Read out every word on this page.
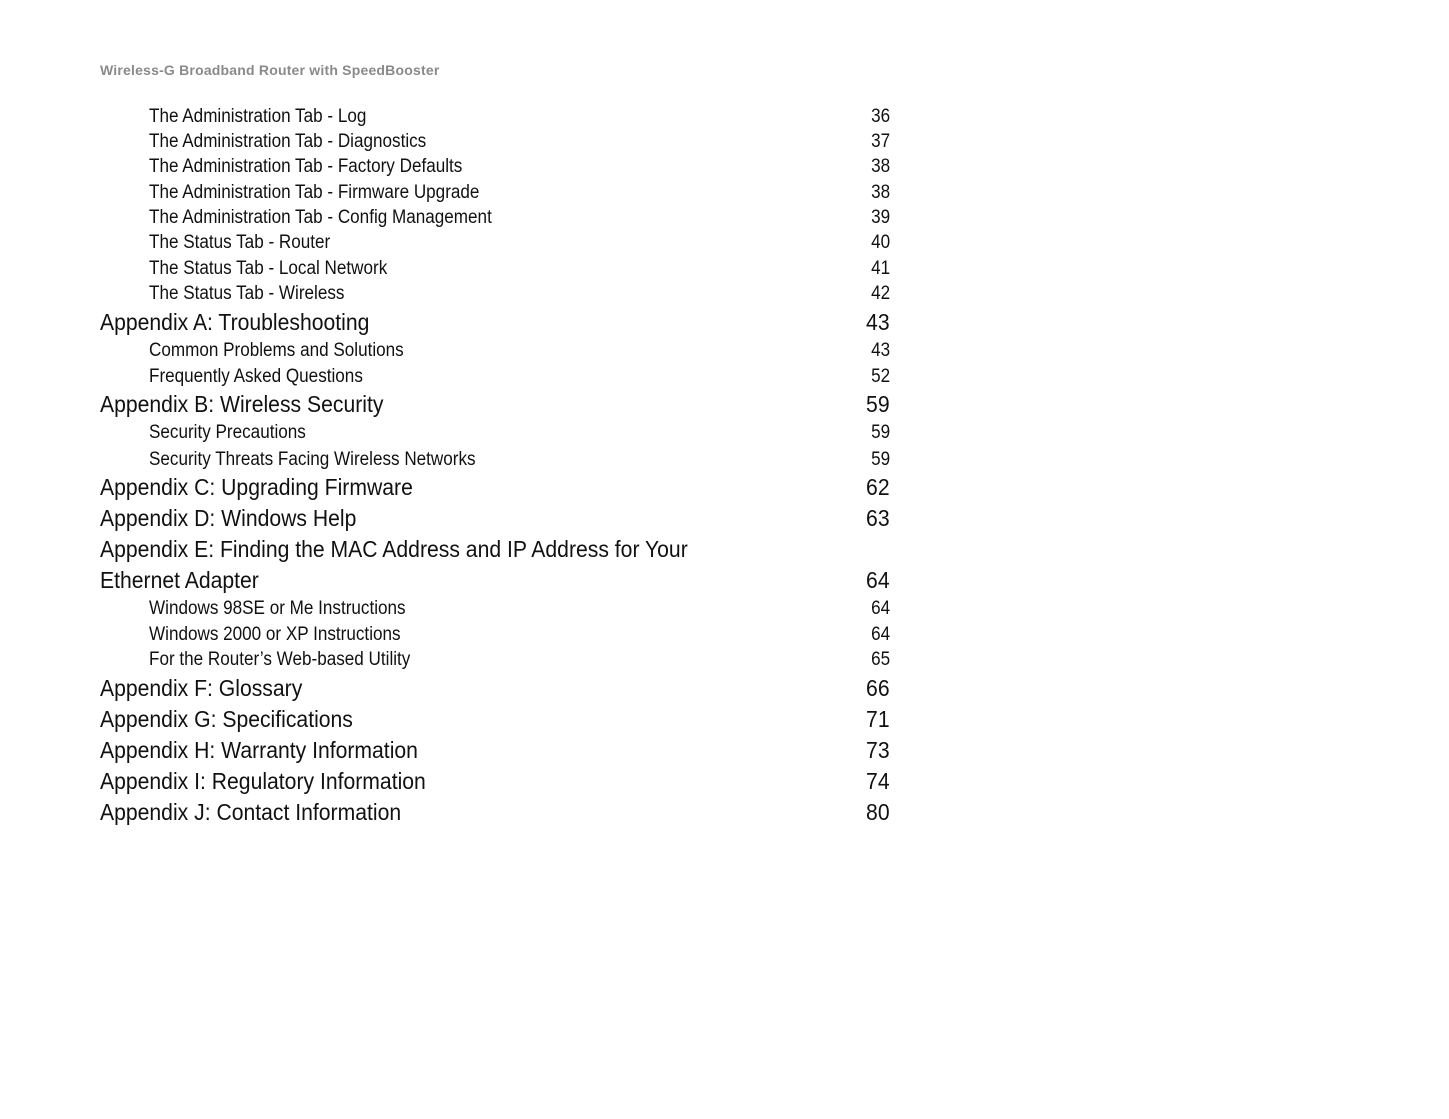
Wireless-G Broadband Router with SpeedBooster
The Administration Tab - Log	36
The Administration Tab - Diagnostics	37
The Administration Tab - Factory Defaults	38
The Administration Tab - Firmware Upgrade	38
The Administration Tab - Config Management	39
The Status Tab - Router	40
The Status Tab - Local Network	41
The Status Tab - Wireless	42
Appendix A: Troubleshooting	43
Common Problems and Solutions	43
Frequently Asked Questions	52
Appendix B: Wireless Security	59
Security Precautions	59
Security Threats Facing Wireless Networks	59
Appendix C: Upgrading Firmware	62
Appendix D: Windows Help	63
Appendix E: Finding the MAC Address and IP Address for Your
Ethernet Adapter	64
Windows 98SE or Me Instructions	64
Windows 2000 or XP Instructions	64
For the Router’s Web-based Utility	65
Appendix F: Glossary	66
Appendix G: Specifications	71
Appendix H: Warranty Information	73
Appendix I: Regulatory Information	74
Appendix J: Contact Information	80
